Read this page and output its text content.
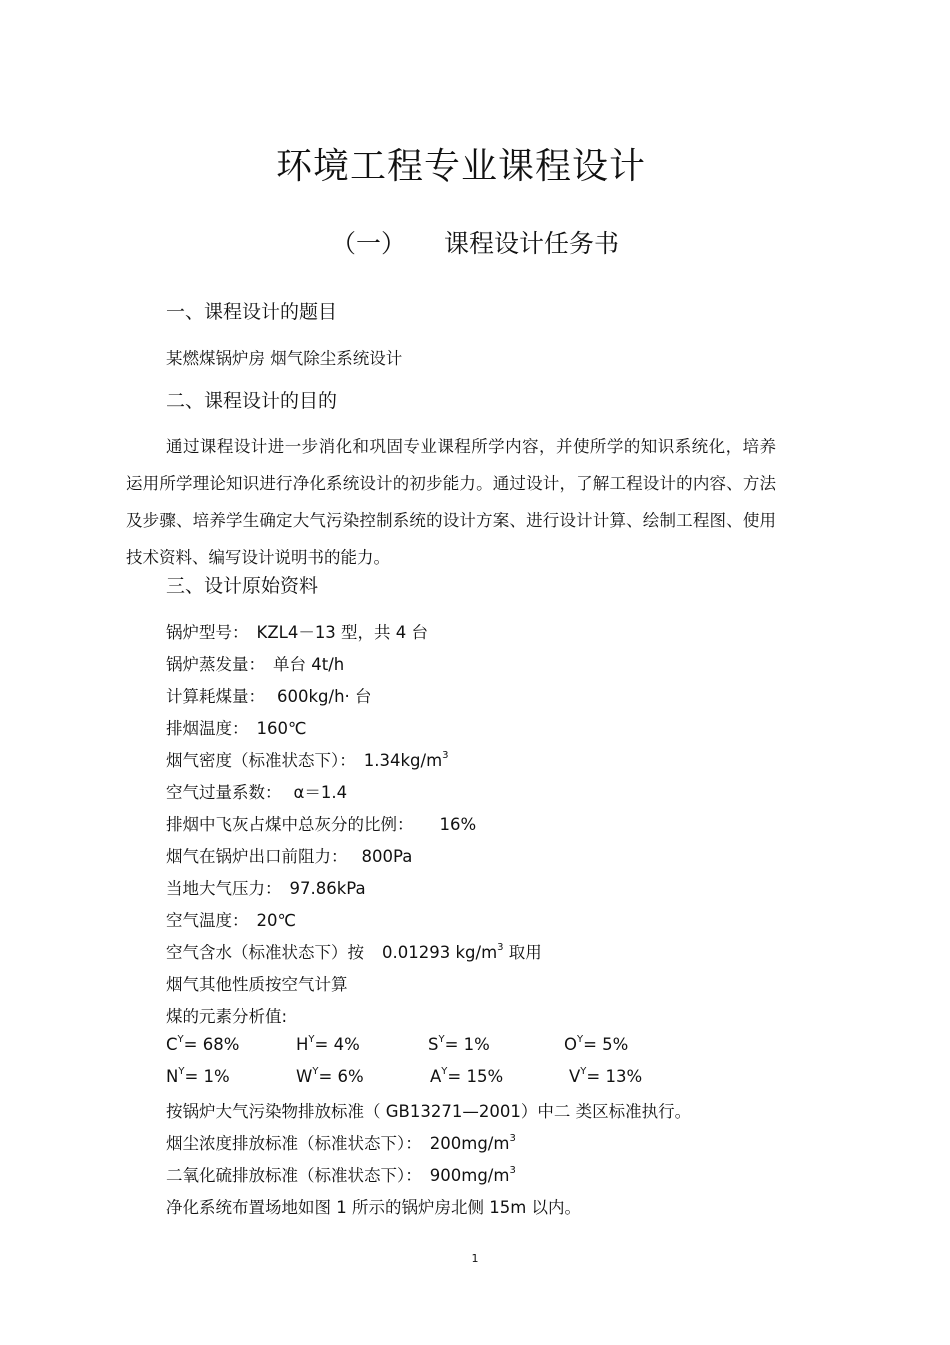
环境工程专业课程设计
（一） 课程设计任务书
一、课程设计的题目
某燃煤锅炉房 烟气除尘系统设计
二、课程设计的目的
通过课程设计进一步消化和巩固专业课程所学内容，并使所学的知识系统化，培养运用所学理论知识进行净化系统设计的初步能力。通过设计，了解工程设计的内容、方法及步骤、培养学生确定大气污染控制系统的设计方案、进行设计计算、绘制工程图、使用技术资料、编写设计说明书的能力。
三、设计原始资料
锅炉型号： KZL4－13 型，共 4 台
锅炉蒸发量： 单台 4t/h
计算耗煤量： 600kg/h· 台
排烟温度： 160℃
烟气密度（标准状态下）： $1.34kg/m^3$
空气过量系数： α＝1.4
排烟中飞灰占煤中总灰分的比例： 16%
烟气在锅炉出口前阻力： 800Pa
当地大气压力： 97.86kPa
空气温度： 20℃
空气含水（标准状态下）按 0.01293 $kg/m^3$ 取用
烟气其他性质按空气计算
煤的元素分析值:
$C^Y= 68\%$	$H^Y= 4\%$	$S^Y= 1\%$	$O^Y= 5\%$
$N^Y= 1\%$	$W^Y= 6\%$	$A^Y= 15\%$	$V^Y= 13\%$
按锅炉大气污染物排放标准（ GB13271—2001）中二 类区标准执行。
烟尘浓度排放标准（标准状态下）： $200mg/m^3$
二氧化硫排放标准（标准状态下）： $900mg/m^3$
净化系统布置场地如图 1 所示的锅炉房北侧 15m 以内。
1
